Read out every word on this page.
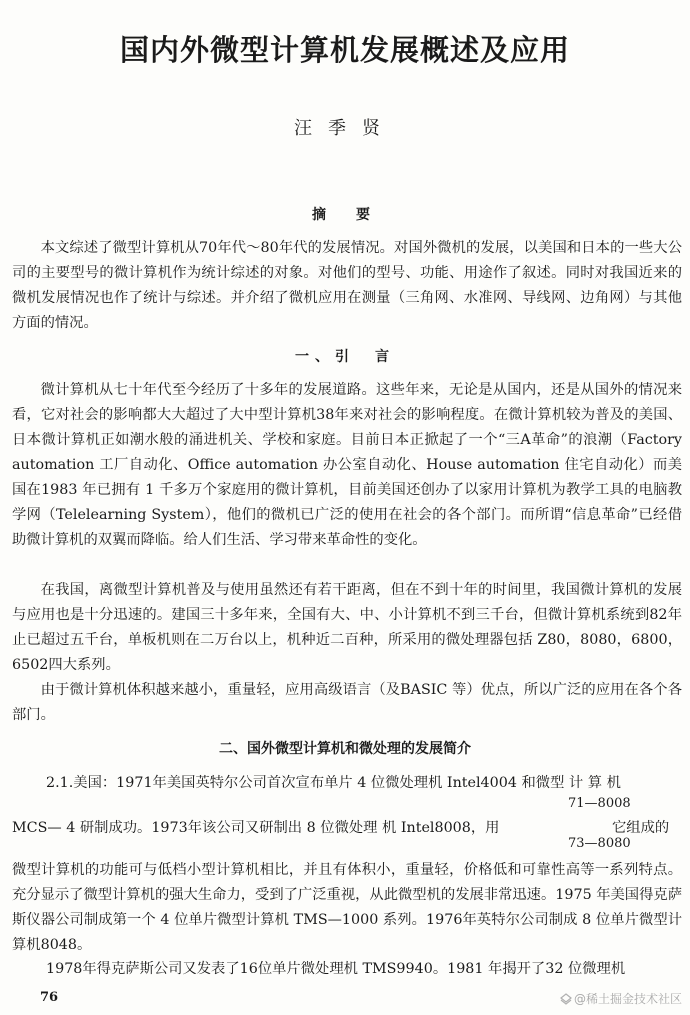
国内外微型计算机发展概述及应用
汪季贤
摘　要

本文综述了微型计算机从70年代～80年代的发展情况。对国外微机的发展，以美国和日本的一些大公司的主要型号的微计算机作为统计综述的对象。对他们的型号、功能、用途作了叙述。同时对我国近来的微机发展情况也作了统计与综述。并介绍了微机应用在测量（三角网、水准网、导线网、边角网）与其他方面的情况。

一、引　言

微计算机从七十年代至今经历了十多年的发展道路。这些年来，无论是从国内，还是从国外的情况来看，它对社会的影响都大大超过了大中型计算机38年来对社会的影响程度。在微计算机较为普及的美国、日本微计算机正如潮水般的涌进机关、学校和家庭。目前日本正掀起了一个“三A革命”的浪潮（Factory automation 工厂自动化、Office automation 办公室自动化、House automation 住宅自动化）而美国在1983 年已拥有 1 千多万个家庭用的微计算机，目前美国还创办了以家用计算机为教学工具的电脑教学网（Telelearning System），他们的微机已广泛的使用在社会的各个部门。而所谓“信息革命”已经借助微计算机的双翼而降临。给人们生活、学习带来革命性的变化。

在我国，离微型计算机普及与使用虽然还有若干距离，但在不到十年的时间里，我国微计算机的发展与应用也是十分迅速的。建国三十多年来，全国有大、中、小计算机不到三千台，但微计算机系统到82年止已超过五千台，单板机则在二万台以上，机种近二百种，所采用的微处理器包括 Z80，8080，6800，6502四大系列。

由于微计算机体积越来越小，重量轻，应用高级语言（及BASIC 等）优点，所以广泛的应用在各个各部门。

二、国外微型计算机和微处理的发展简介
2.1.美国：1971年美国英特尔公司首次宣布单片 4 位微处理机 Intel4004 和微型 计 算 机
71—8008
MCS— 4 研制成功。1973年该公司又研制出 8 位微处理 机 Intel8008，用	它组成的
73—8080

微型计算机的功能可与低档小型计算机相比，并且有体积小，重量轻，价格低和可靠性高等一系列特点。充分显示了微型计算机的强大生命力，受到了广泛重视，从此微型机的发展非常迅速。1975 年美国得克萨斯仪器公司制成第一个 4 位单片微型计算机 TMS—1000 系列。1976年英特尔公司制成 8 位单片微型计算机8048。

1978年得克萨斯公司又发表了16位单片微处理机 TMS9940。1981 年揭开了32 位微理机
76	@稀土掘金技术社区
